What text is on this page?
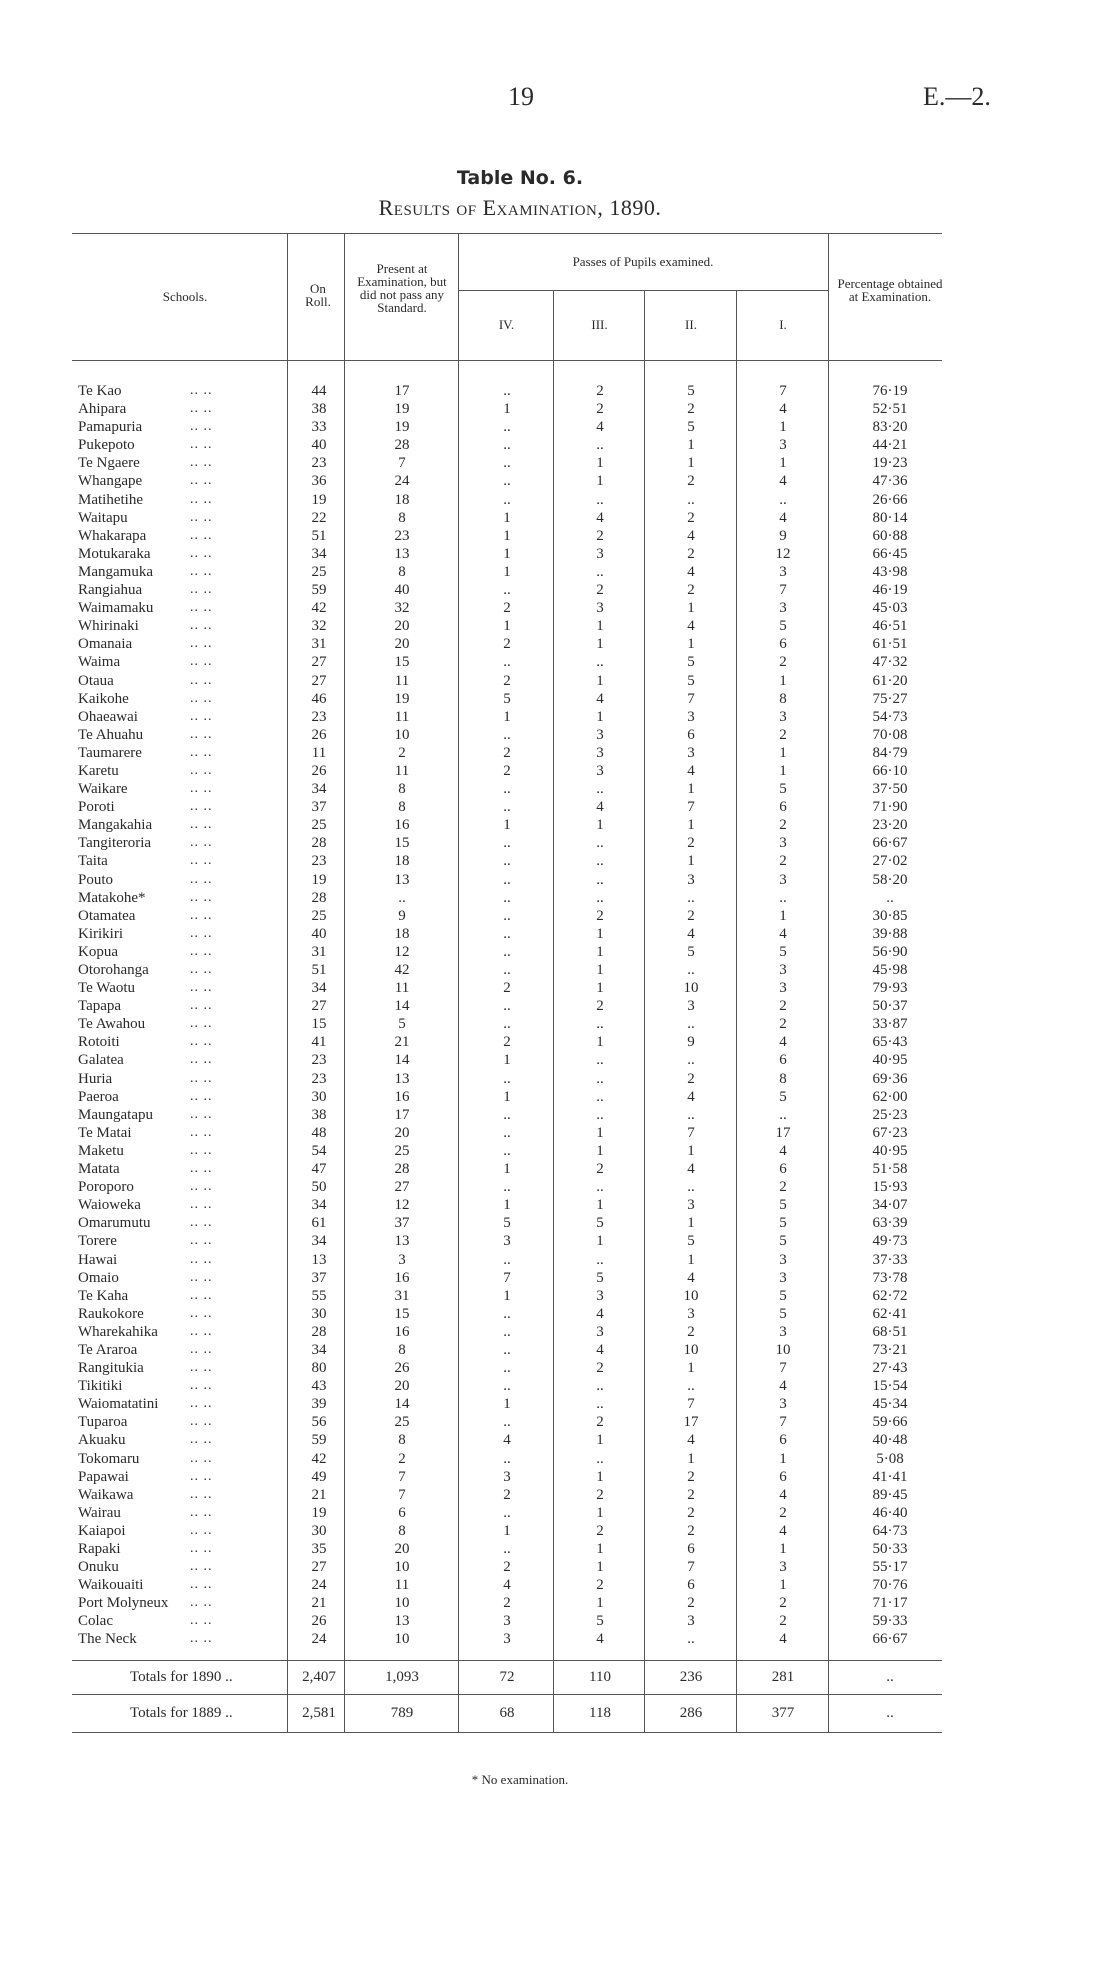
19	E.—2.
Table No. 6.
Results of Examination, 1890.
Schools.
On Roll.
Present at Examination, but did not pass any Standard.
Passes of Pupils examined.
IV.	III.	II.	I.
Percentage obtained at Examination.
Te Kao	.. ..	44	17	..	2	5	7	76·19
Ahipara	.. ..	38	19	1	2	2	4	52·51
Pamapuria	.. ..	33	19	..	4	5	1	83·20
Pukepoto	.. ..	40	28	..	..	1	3	44·21
Te Ngaere	.. ..	23	7	..	1	1	1	19·23
Whangape	.. ..	36	24	..	1	2	4	47·36
Matihetihe	.. ..	19	18	..	..	..	..	26·66
Waitapu	.. ..	22	8	1	4	2	4	80·14
Whakarapa	.. ..	51	23	1	2	4	9	60·88
Motukaraka	.. ..	34	13	1	3	2	12	66·45
Mangamuka	.. ..	25	8	1	..	4	3	43·98
Rangiahua	.. ..	59	40	..	2	2	7	46·19
Waimamaku	.. ..	42	32	2	3	1	3	45·03
Whirinaki	.. ..	32	20	1	1	4	5	46·51
Omanaia	.. ..	31	20	2	1	1	6	61·51
Waima	.. ..	27	15	..	..	5	2	47·32
Otaua	.. ..	27	11	2	1	5	1	61·20
Kaikohe	.. ..	46	19	5	4	7	8	75·27
Ohaeawai	.. ..	23	11	1	1	3	3	54·73
Te Ahuahu	.. ..	26	10	..	3	6	2	70·08
Taumarere	.. ..	11	2	2	3	3	1	84·79
Karetu	.. ..	26	11	2	3	4	1	66·10
Waikare	.. ..	34	8	..	..	1	5	37·50
Poroti	.. ..	37	8	..	4	7	6	71·90
Mangakahia	.. ..	25	16	1	1	1	2	23·20
Tangiteroria	.. ..	28	15	..	..	2	3	66·67
Taita	.. ..	23	18	..	..	1	2	27·02
Pouto	.. ..	19	13	..	..	3	3	58·20
Matakohe*	.. ..	28	..	..	..	..	..	..
Otamatea	.. ..	25	9	..	2	2	1	30·85
Kirikiri	.. ..	40	18	..	1	4	4	39·88
Kopua	.. ..	31	12	..	1	5	5	56·90
Otorohanga	.. ..	51	42	..	1	..	3	45·98
Te Waotu	.. ..	34	11	2	1	10	3	79·93
Tapapa	.. ..	27	14	..	2	3	2	50·37
Te Awahou	.. ..	15	5	..	..	..	2	33·87
Rotoiti	.. ..	41	21	2	1	9	4	65·43
Galatea	.. ..	23	14	1	..	..	6	40·95
Huria	.. ..	23	13	..	..	2	8	69·36
Paeroa	.. ..	30	16	1	..	4	5	62·00
Maungatapu	.. ..	38	17	..	..	..	..	25·23
Te Matai	.. ..	48	20	..	1	7	17	67·23
Maketu	.. ..	54	25	..	1	1	4	40·95
Matata	.. ..	47	28	1	2	4	6	51·58
Poroporo	.. ..	50	27	..	..	..	2	15·93
Waioweka	.. ..	34	12	1	1	3	5	34·07
Omarumutu	.. ..	61	37	5	5	1	5	63·39
Torere	.. ..	34	13	3	1	5	5	49·73
Hawai	.. ..	13	3	..	..	1	3	37·33
Omaio	.. ..	37	16	7	5	4	3	73·78
Te Kaha	.. ..	55	31	1	3	10	5	62·72
Raukokore	.. ..	30	15	..	4	3	5	62·41
Wharekahika .. ..	28	16	..	3	2	3	68·51
Te Araroa	.. ..	34	8	..	4	10	10	73·21
Rangitukia	.. ..	80	26	..	2	1	7	27·43
Tikitiki	.. ..	43	20	..	..	..	4	15·54
Waiomatatini .. ..	39	14	1	..	7	3	45·34
Tuparoa	.. ..	56	25	..	2	17	7	59·66
Akuaku	.. ..	59	8	4	1	4	6	40·48
Tokomaru	.. ..	42	2	..	..	1	1	5·08
Papawai	.. ..	49	7	3	1	2	6	41·41
Waikawa	.. ..	21	7	2	2	2	4	89·45
Wairau	.. ..	19	6	..	1	2	2	46·40
Kaiapoi	.. ..	30	8	1	2	2	4	64·73
Rapaki	.. ..	35	20	..	1	6	1	50·33
Onuku	.. ..	27	10	2	1	7	3	55·17
Waikouaiti	.. ..	24	11	4	2	6	1	70·76
Port Molyneux .. ..	21	10	2	1	2	2	71·17
Colac	.. ..	26	13	3	5	3	2	59·33
The Neck	.. ..	24	10	3	4	..	4	66·67
Totals for 1890 ..	2,407	1,093	72	110	236	281	..
Totals for 1889 ..	2,581	789	68	118	286	377	..
* No examination.
